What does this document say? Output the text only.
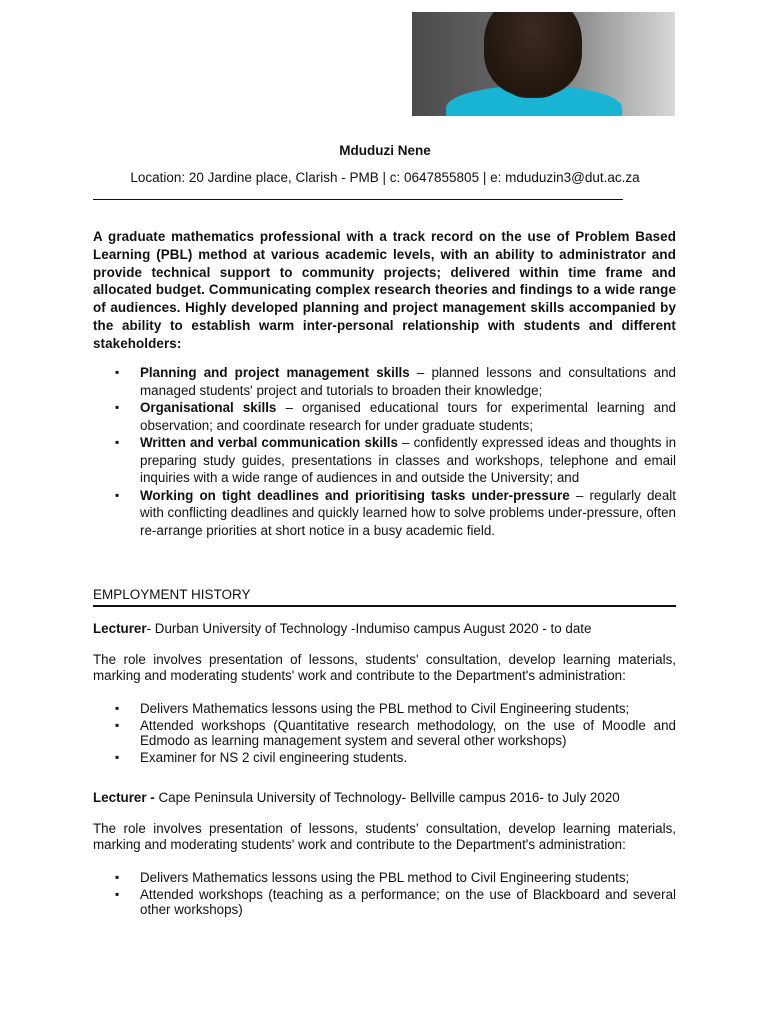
Mduduzi Nene
Location: 20 Jardine place, Clarish - PMB | c: 0647855805 | e: mduduzin3@dut.ac.za
A graduate mathematics professional with a track record on the use of Problem Based Learning (PBL) method at various academic levels, with an ability to administrator and provide technical support to community projects; delivered within time frame and allocated budget. Communicating complex research theories and findings to a wide range of audiences. Highly developed planning and project management skills accompanied by the ability to establish warm inter-personal relationship with students and different stakeholders:
▪ Planning and project management skills – planned lessons and consultations and managed students' project and tutorials to broaden their knowledge;
▪ Organisational skills – organised educational tours for experimental learning and observation; and coordinate research for under graduate students;
▪ Written and verbal communication skills – confidently expressed ideas and thoughts in preparing study guides, presentations in classes and workshops, telephone and email inquiries with a wide range of audiences in and outside the University; and
▪ Working on tight deadlines and prioritising tasks under-pressure – regularly dealt with conflicting deadlines and quickly learned how to solve problems under-pressure, often re-arrange priorities at short notice in a busy academic field.
EMPLOYMENT HISTORY
Lecturer- Durban University of Technology -Indumiso campus August 2020 - to date
The role involves presentation of lessons, students' consultation, develop learning materials, marking and moderating students' work and contribute to the Department's administration:
▪ Delivers Mathematics lessons using the PBL method to Civil Engineering students;
▪ Attended workshops (Quantitative research methodology, on the use of Moodle and Edmodo as learning management system and several other workshops)
▪ Examiner for NS 2 civil engineering students.
Lecturer - Cape Peninsula University of Technology- Bellville campus 2016- to July 2020
The role involves presentation of lessons, students' consultation, develop learning materials, marking and moderating students' work and contribute to the Department's administration:
▪ Delivers Mathematics lessons using the PBL method to Civil Engineering students;
▪ Attended workshops (teaching as a performance; on the use of Blackboard and several other workshops)
